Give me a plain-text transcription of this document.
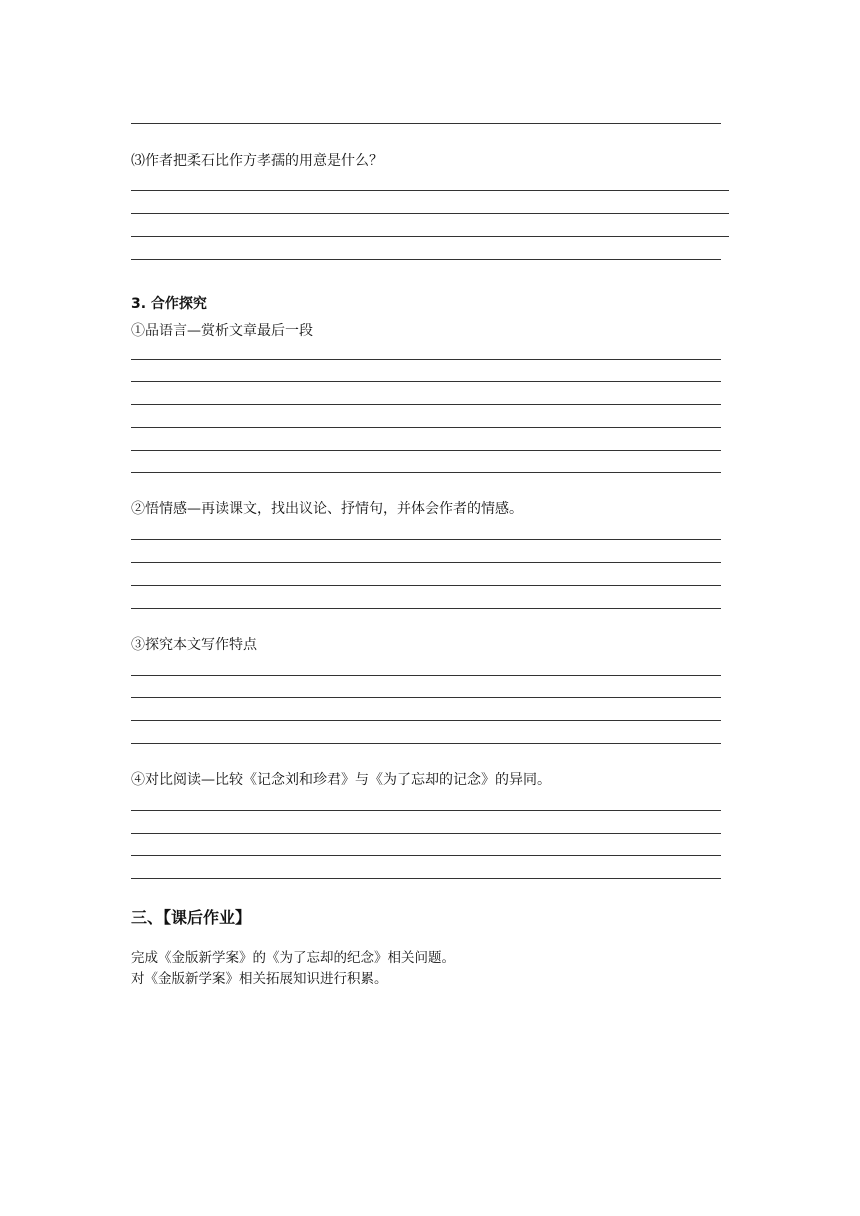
⑶作者把柔石比作方孝孺的用意是什么？
3. 合作探究
①品语言—赏析文章最后一段
②悟情感—再读课文，找出议论、抒情句，并体会作者的情感。
③探究本文写作特点
④对比阅读—比较《记念刘和珍君》与《为了忘却的记念》的异同。
三、【课后作业】
完成《金版新学案》的《为了忘却的纪念》相关问题。
对《金版新学案》相关拓展知识进行积累。
